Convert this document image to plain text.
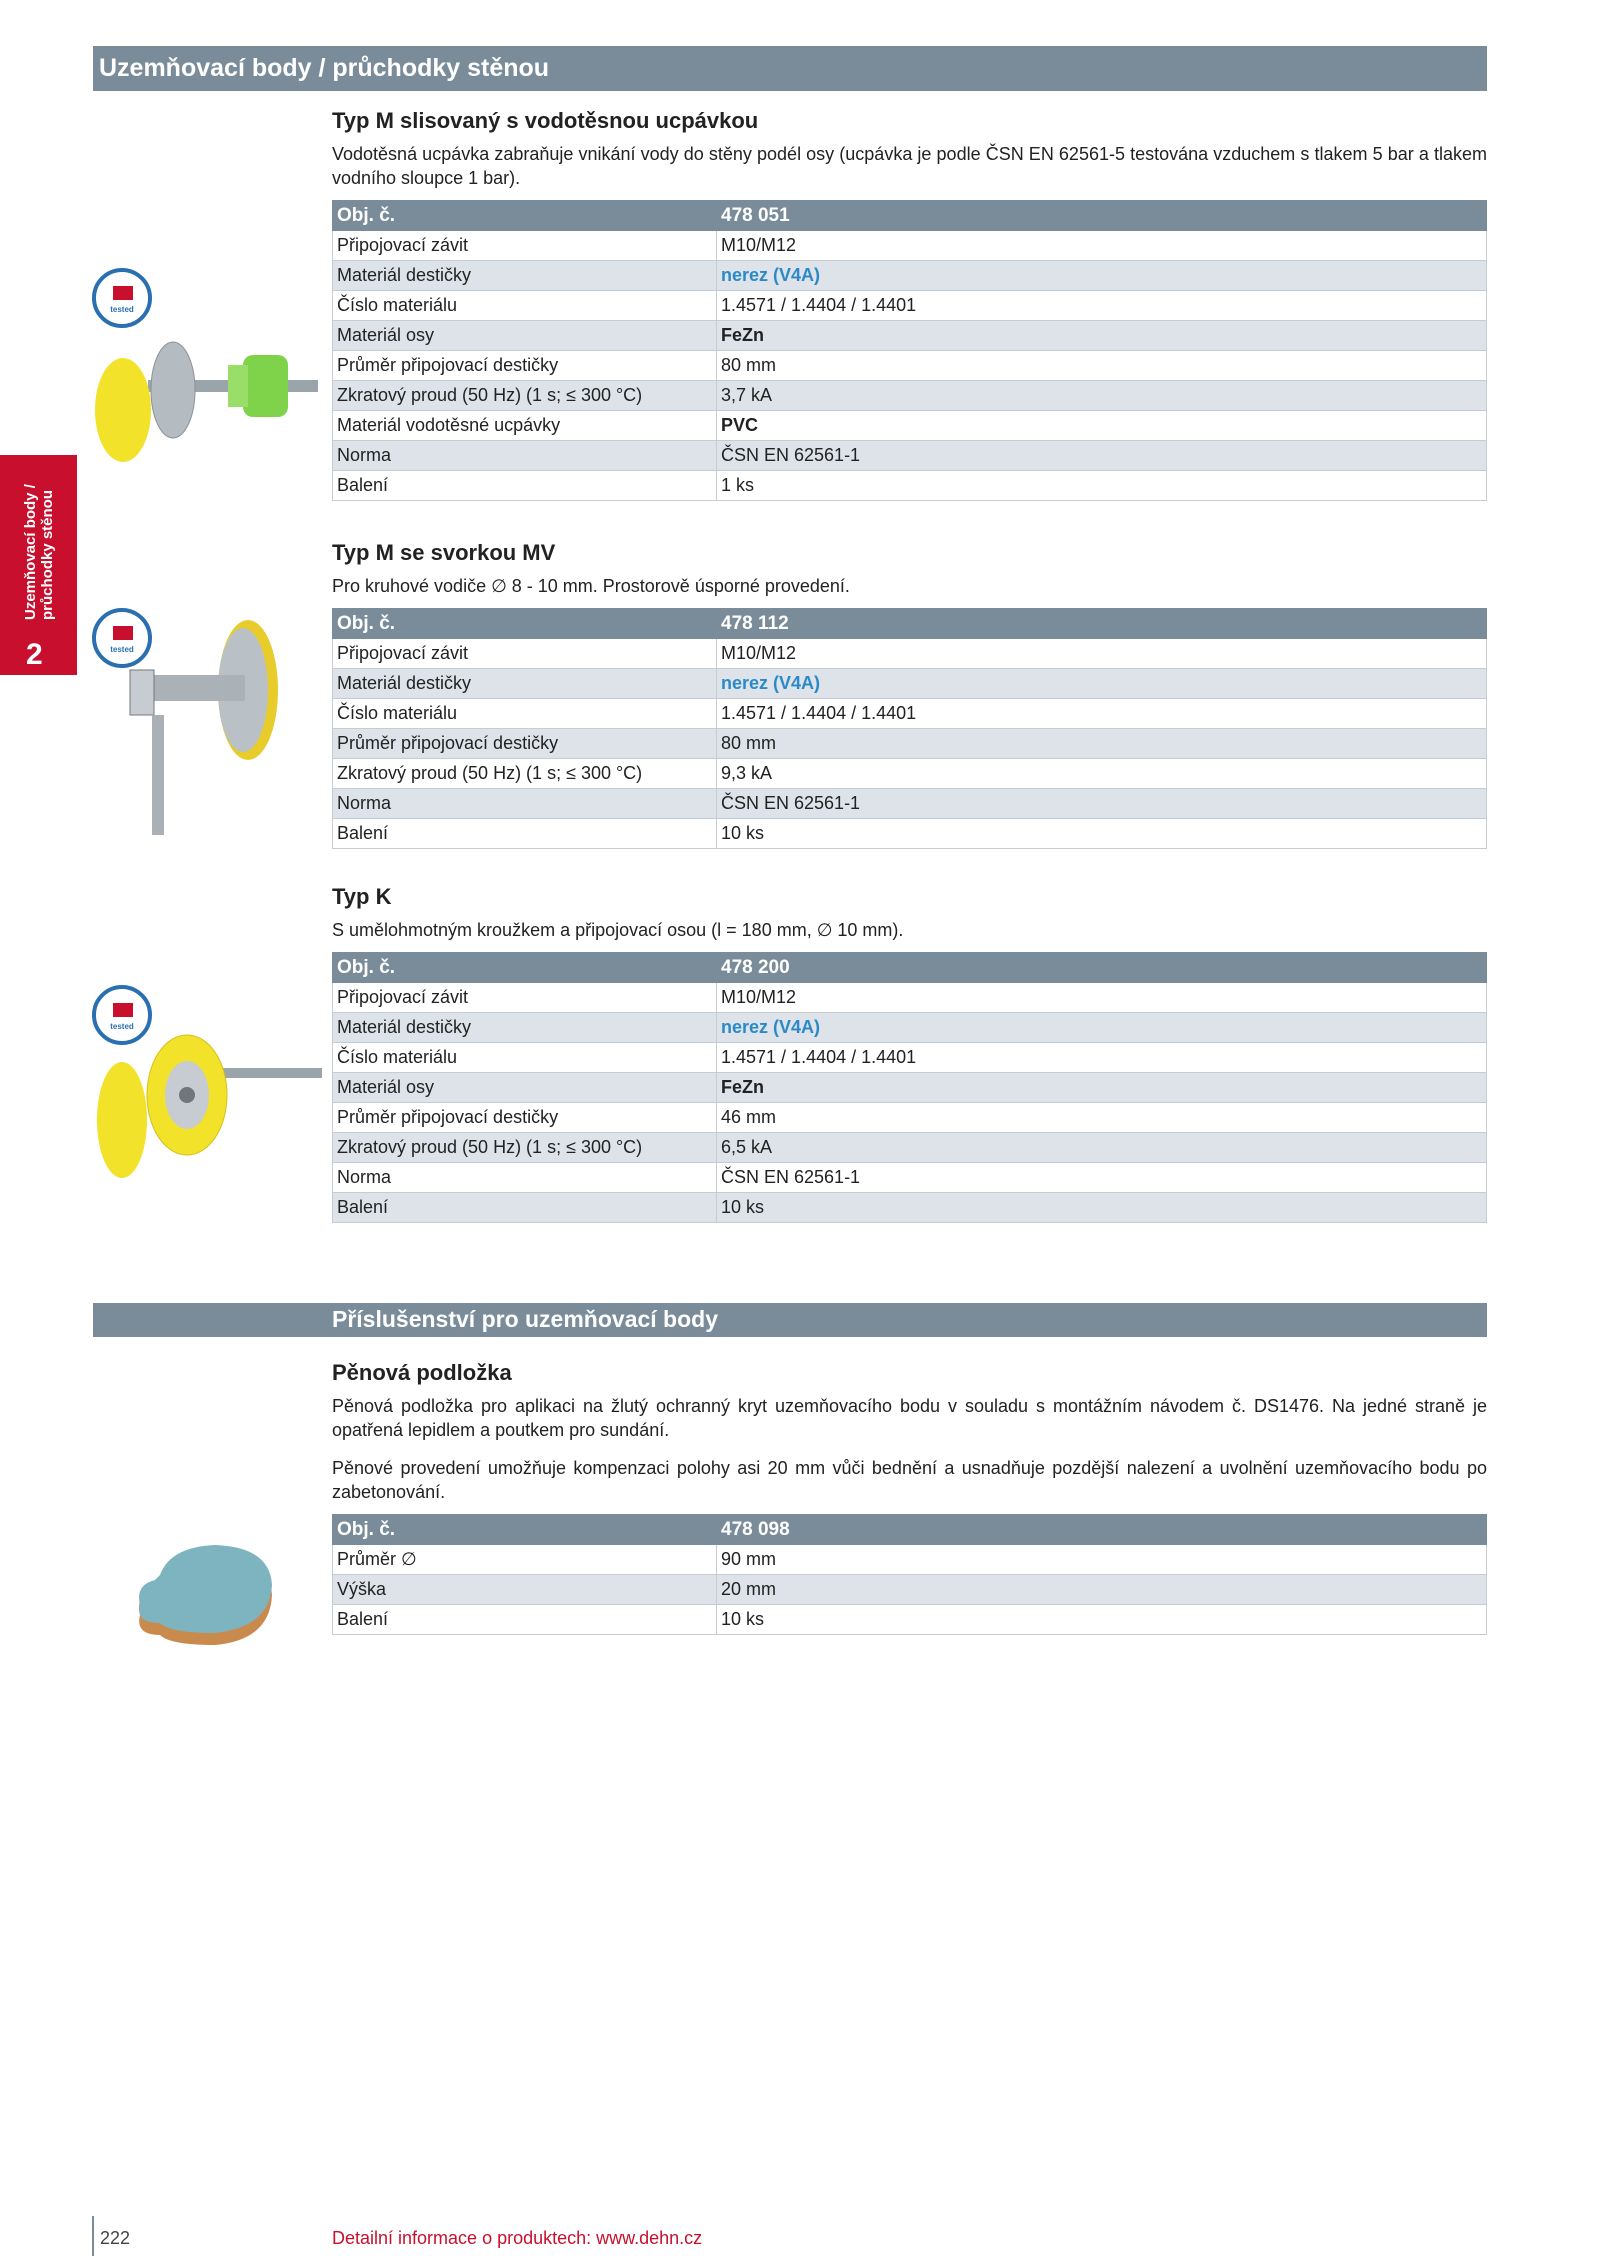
Uzemňovací body / průchodky stěnou
Uzemňovací body / průchodky stěnou
2
tested
tested
tested
Typ M slisovaný s vodotěsnou ucpávkou

Vodotěsná ucpávka zabraňuje vnikání vody do stěny podél osy (ucpávka je podle ČSN EN 62561-5 testována vzduchem s tlakem 5 bar a tlakem vodního sloupce 1 bar).

Obj. č.	478 051
Připojovací závit	M10/M12
Materiál destičky	nerez (V4A)
Číslo materiálu	1.4571 / 1.4404 / 1.4401
Materiál osy	FeZn
Průměr připojovací destičky	80 mm
Zkratový proud (50 Hz) (1 s; ≤ 300 °C)	3,7 kA
Materiál vodotěsné ucpávky	PVC
Norma	ČSN EN 62561-1
Balení	1 ks
Typ M se svorkou MV

Pro kruhové vodiče ∅ 8 - 10 mm. Prostorově úsporné provedení.

Obj. č.	478 112
Připojovací závit	M10/M12
Materiál destičky	nerez (V4A)
Číslo materiálu	1.4571 / 1.4404 / 1.4401
Průměr připojovací destičky	80 mm
Zkratový proud (50 Hz) (1 s; ≤ 300 °C)	9,3 kA
Norma	ČSN EN 62561-1
Balení	10 ks
Typ K

S umělohmotným kroužkem a připojovací osou (l = 180 mm, ∅ 10 mm).

Obj. č.	478 200
Připojovací závit	M10/M12
Materiál destičky	nerez (V4A)
Číslo materiálu	1.4571 / 1.4404 / 1.4401
Materiál osy	FeZn
Průměr připojovací destičky	46 mm
Zkratový proud (50 Hz) (1 s; ≤ 300 °C)	6,5 kA
Norma	ČSN EN 62561-1
Balení	10 ks
Příslušenství pro uzemňovací body
Pěnová podložka

Pěnová podložka pro aplikaci na žlutý ochranný kryt uzemňovacího bodu v souladu s montážním návodem č. DS1476. Na jedné straně je opatřená lepidlem a poutkem pro sundání.

Pěnové provedení umožňuje kompenzaci polohy asi 20 mm vůči bednění a usnadňuje pozdější nalezení a uvolnění uzemňovacího bodu po zabetonování.

Obj. č.	478 098
Průměr ∅	90 mm
Výška	20 mm
Balení	10 ks
222	Detailní informace o produktech: www.dehn.cz
